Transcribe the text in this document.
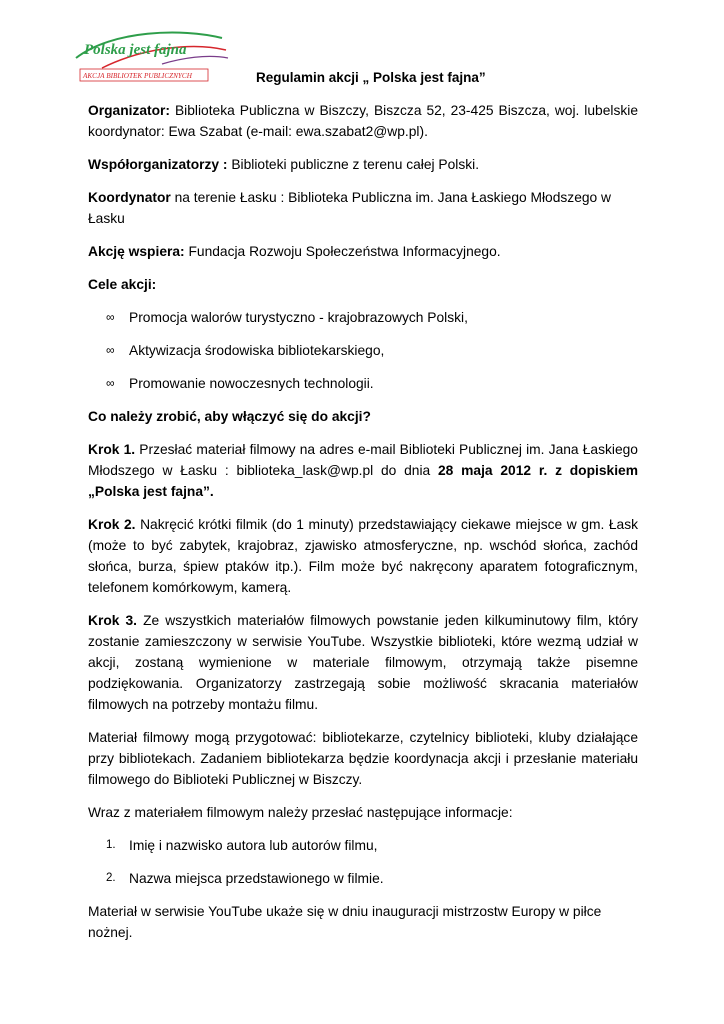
Polska jest fajna
AKCJA BIBLIOTEK PUBLICZNYCH	Regulamin akcji „ Polska jest fajna”

Organizator: Biblioteka Publiczna w Biszczy, Biszcza 52, 23-425 Biszcza, woj. lubelskie koordynator: Ewa Szabat (e-mail: ewa.szabat2@wp.pl).

Współorganizatorzy : Biblioteki publiczne z terenu całej Polski.

Koordynator na terenie Łasku : Biblioteka Publiczna im. Jana Łaskiego Młodszego w Łasku

Akcję wspiera: Fundacja Rozwoju Społeczeństwa Informacyjnego.

Cele akcji:

∞ Promocja walorów turystyczno - krajobrazowych Polski,
∞ Aktywizacja środowiska bibliotekarskiego,
∞ Promowanie nowoczesnych technologii.

Co należy zrobić, aby włączyć się do akcji?

Krok 1. Przesłać materiał filmowy na adres e-mail Biblioteki Publicznej im. Jana Łaskiego Młodszego w Łasku : biblioteka_lask@wp.pl do dnia 28 maja 2012 r. z dopiskiem „Polska jest fajna”.

Krok 2. Nakręcić krótki filmik (do 1 minuty) przedstawiający ciekawe miejsce w gm. Łask (może to być zabytek, krajobraz, zjawisko atmosferyczne, np. wschód słońca, zachód słońca, burza, śpiew ptaków itp.). Film może być nakręcony aparatem fotograficznym, telefonem komórkowym, kamerą.

Krok 3. Ze wszystkich materiałów filmowych powstanie jeden kilkuminutowy film, który zostanie zamieszczony w serwisie YouTube. Wszystkie biblioteki, które wezmą udział w akcji, zostaną wymienione w materiale filmowym, otrzymają także pisemne podziękowania. Organizatorzy zastrzegają sobie możliwość skracania materiałów filmowych na potrzeby montażu filmu.

Materiał filmowy mogą przygotować: bibliotekarze, czytelnicy biblioteki, kluby działające przy bibliotekach. Zadaniem bibliotekarza będzie koordynacja akcji i przesłanie materiału filmowego do Biblioteki Publicznej w Biszczy.

Wraz z materiałem filmowym należy przesłać następujące informacje:

1. Imię i nazwisko autora lub autorów filmu,
2. Nazwa miejsca przedstawionego w filmie.

Materiał w serwisie YouTube ukaże się w dniu inauguracji mistrzostw Europy w piłce nożnej.
